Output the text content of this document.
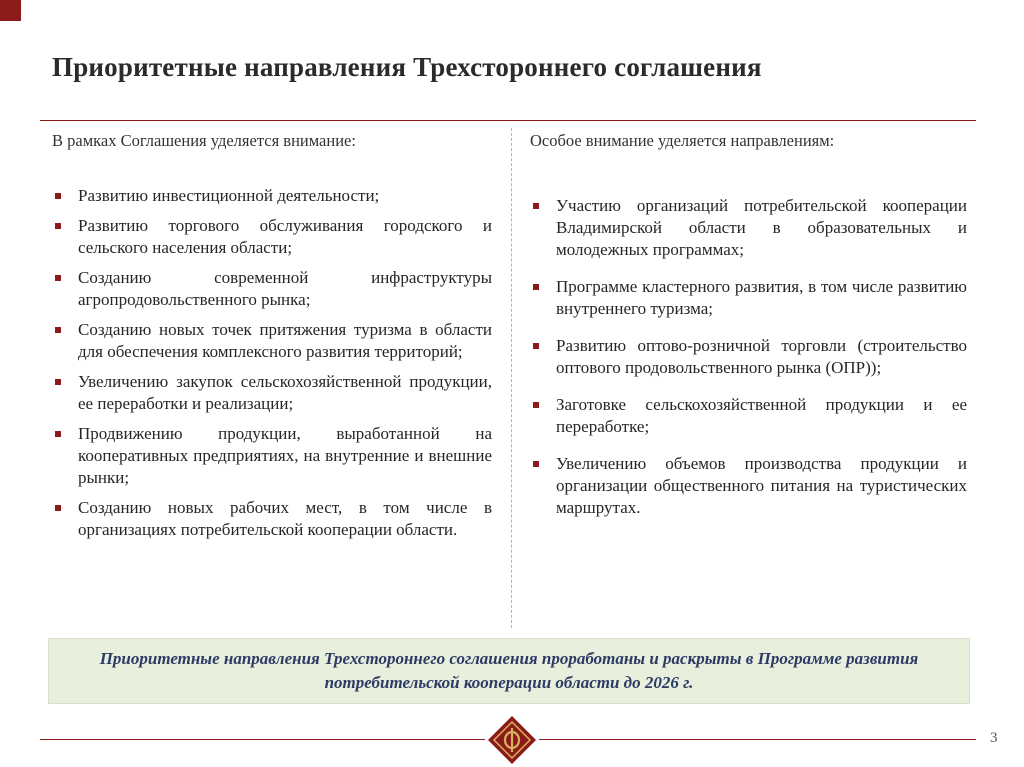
Приоритетные направления Трехстороннего соглашения
В рамках Соглашения уделяется внимание:
Развитию инвестиционной деятельности;
Развитию торгового обслуживания городского и сельского населения области;
Созданию современной инфраструктуры агропродовольственного рынка;
Созданию новых точек притяжения туризма в области для обеспечения комплексного развития территорий;
Увеличению закупок сельскохозяйственной продукции, ее переработки и реализации;
Продвижению продукции, выработанной на кооперативных предприятиях, на внутренние и внешние рынки;
Созданию новых рабочих мест, в том числе в организациях потребительской кооперации области.
Особое внимание уделяется направлениям:
Участию организаций потребительской кооперации Владимирской области в образовательных и молодежных программах;
Программе кластерного развития, в том числе развитию внутреннего туризма;
Развитию оптово-розничной торговли (строительство оптового продовольственного рынка (ОПР));
Заготовке сельскохозяйственной продукции и ее переработке;
Увеличению объемов производства продукции и организации общественного питания на туристических маршрутах.
Приоритетные направления Трехстороннего соглашения проработаны и раскрыты в Программе развития потребительской кооперации области до 2026 г.
3
